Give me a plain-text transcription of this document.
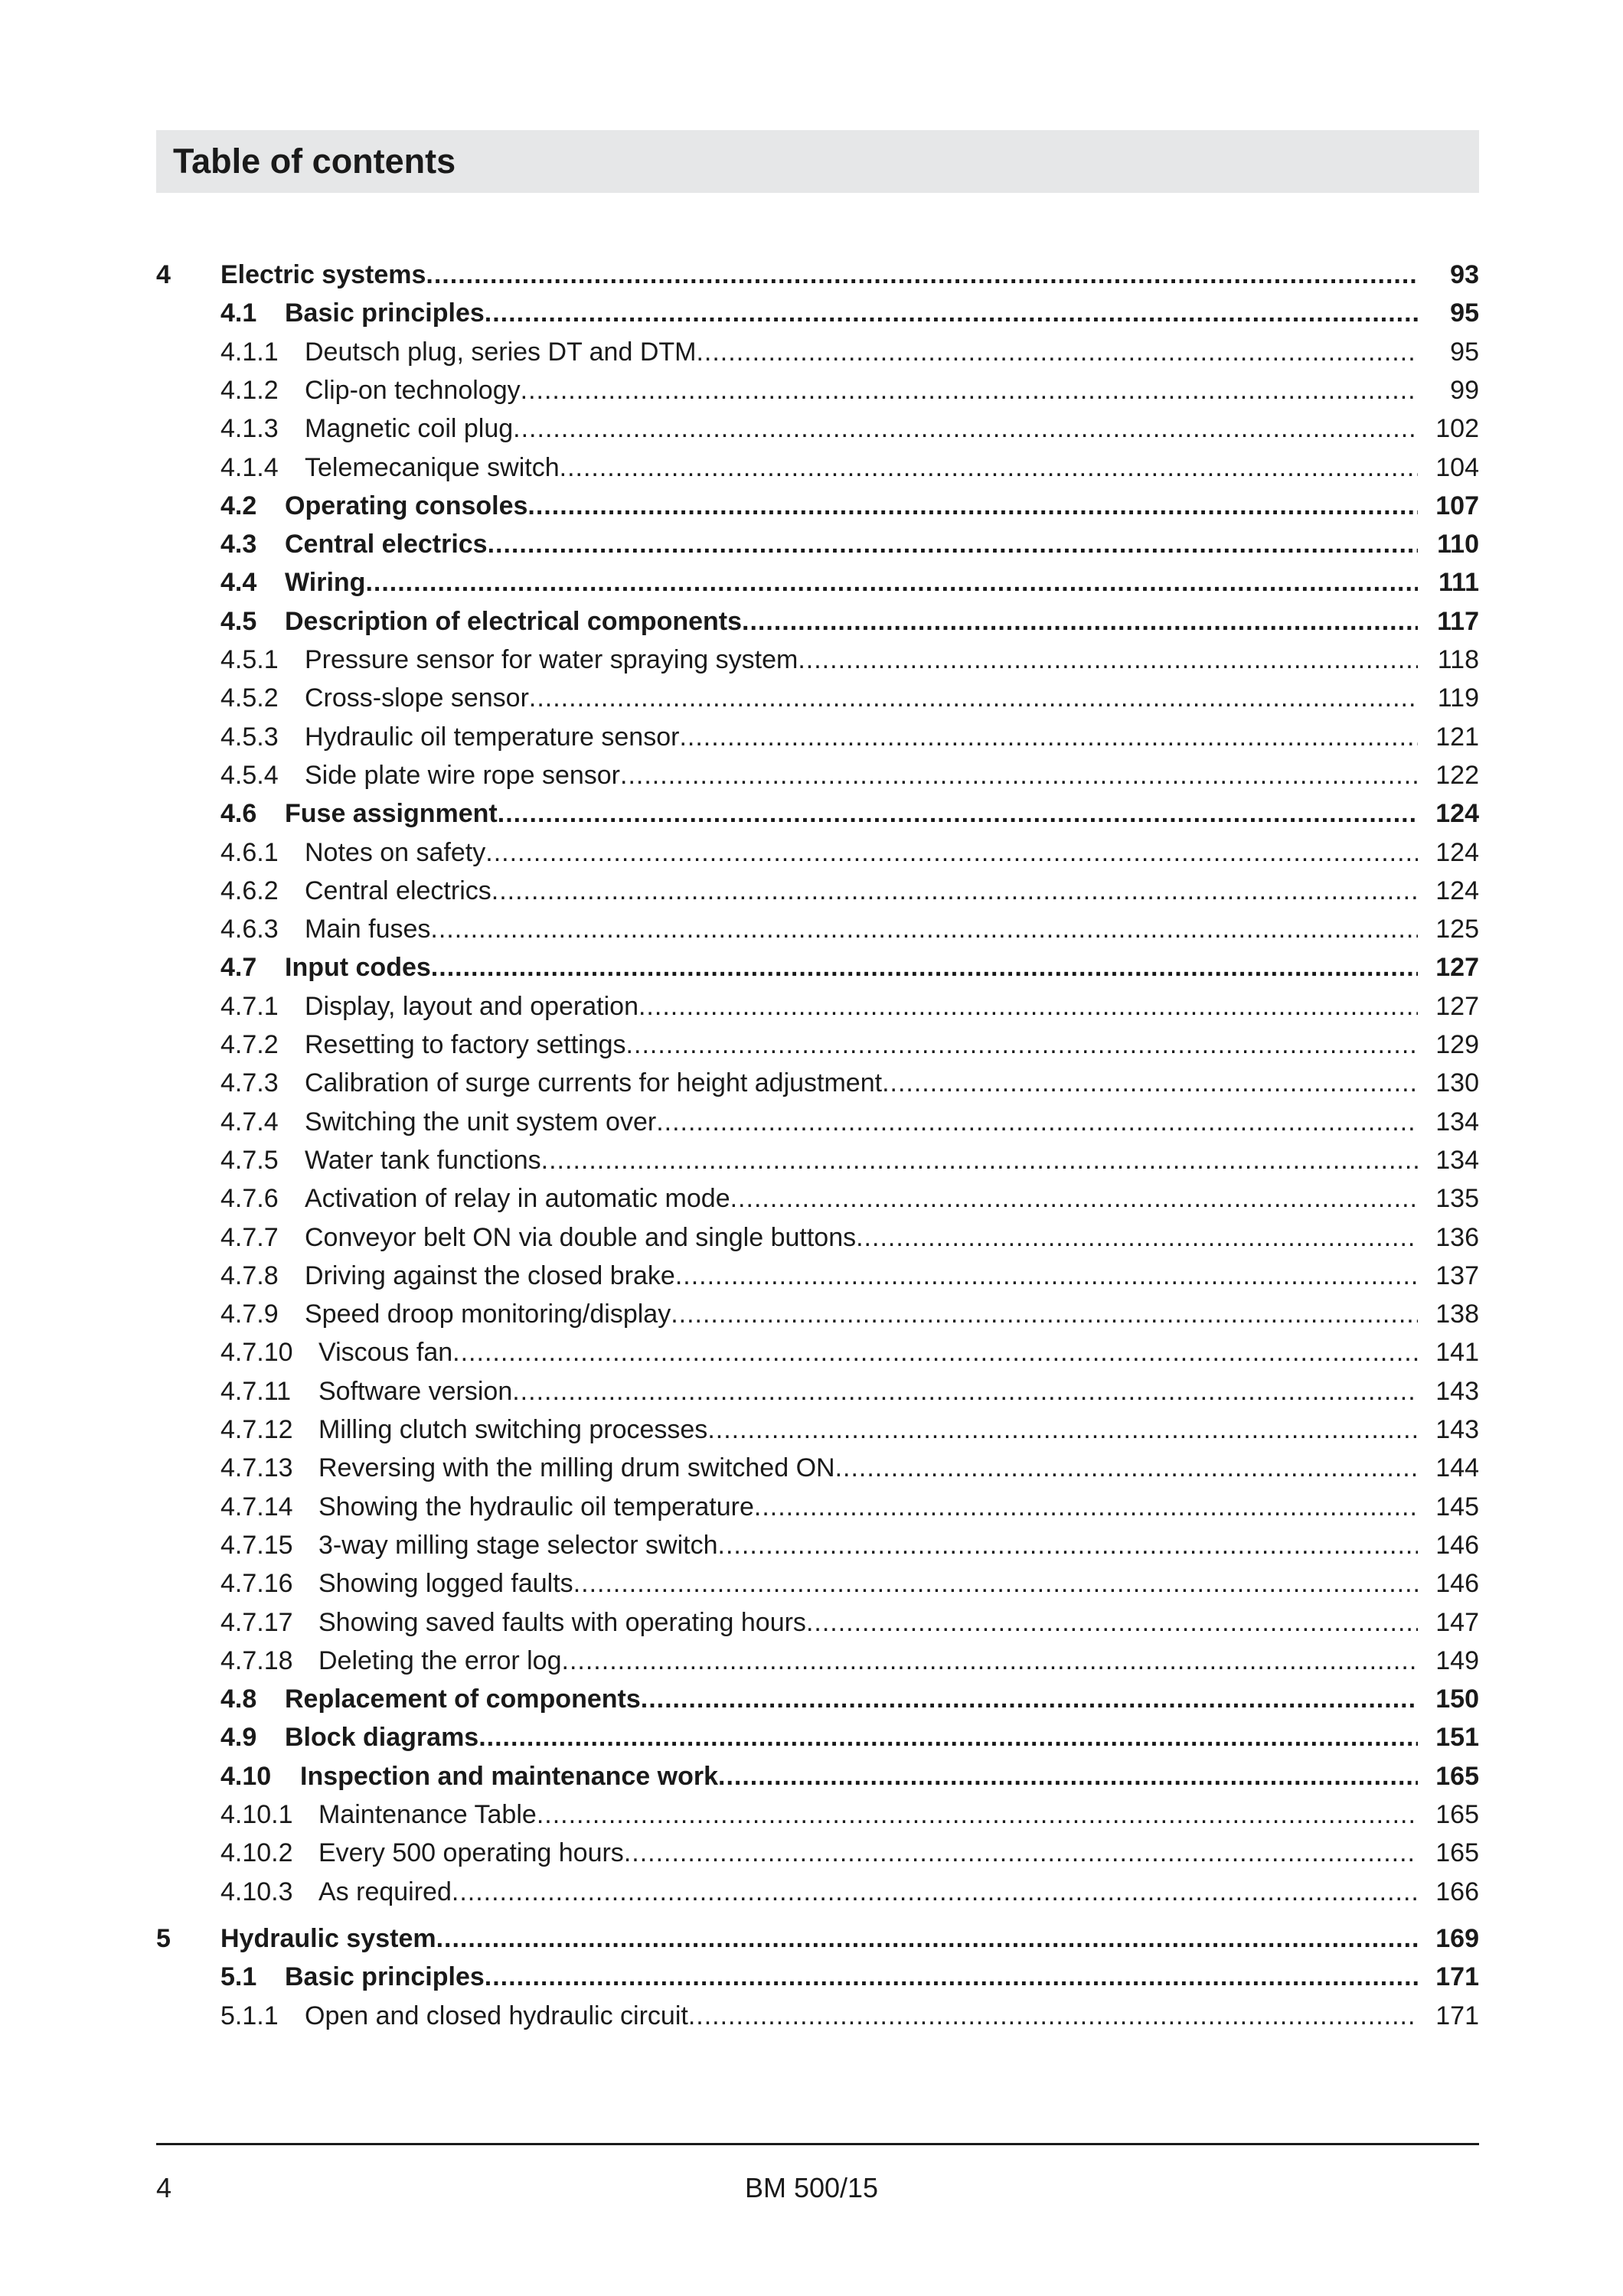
Table of contents
4 Electric systems .....	93
4.1	Basic principles .....	95
4.1.1	Deutsch plug, series DT and DTM .....	95
4.1.2	Clip-on technology .....	99
4.1.3	Magnetic coil plug .....	102
4.1.4	Telemecanique switch .....	104
4.2	Operating consoles .....	107
4.3	Central electrics .....	110
4.4	Wiring .....	111
4.5	Description of electrical components .....	117
4.5.1	Pressure sensor for water spraying system .....	118
4.5.2	Cross-slope sensor .....	119
4.5.3	Hydraulic oil temperature sensor .....	121
4.5.4	Side plate wire rope sensor .....	122
4.6	Fuse assignment .....	124
4.6.1	Notes on safety .....	124
4.6.2	Central electrics .....	124
4.6.3	Main fuses .....	125
4.7	Input codes .....	127
4.7.1	Display, layout and operation .....	127
4.7.2	Resetting to factory settings .....	129
4.7.3	Calibration of surge currents for height adjustment .....	130
4.7.4	Switching the unit system over .....	134
4.7.5	Water tank functions .....	134
4.7.6	Activation of relay in automatic mode .....	135
4.7.7	Conveyor belt ON via double and single buttons .....	136
4.7.8	Driving against the closed brake .....	137
4.7.9	Speed droop monitoring/display .....	138
4.7.10 Viscous fan .....	141
4.7.11	Software version .....	143
4.7.12 Milling clutch switching processes .....	143
4.7.13 Reversing with the milling drum switched ON .....	144
4.7.14 Showing the hydraulic oil temperature .....	145
4.7.15 3-way milling stage selector switch .....	146
4.7.16 Showing logged faults .....	146
4.7.17 Showing saved faults with operating hours .....	147
4.7.18 Deleting the error log .....	149
4.8	Replacement of components .....	150
4.9	Block diagrams .....	151
4.10	Inspection and maintenance work .....	165
4.10.1 Maintenance Table .....	165
4.10.2 Every 500 operating hours .....	165
4.10.3 As required .....	166
5 Hydraulic system .....	169
5.1	Basic principles .....	171
5.1.1	Open and closed hydraulic circuit .....	171
4	BM 500/15
